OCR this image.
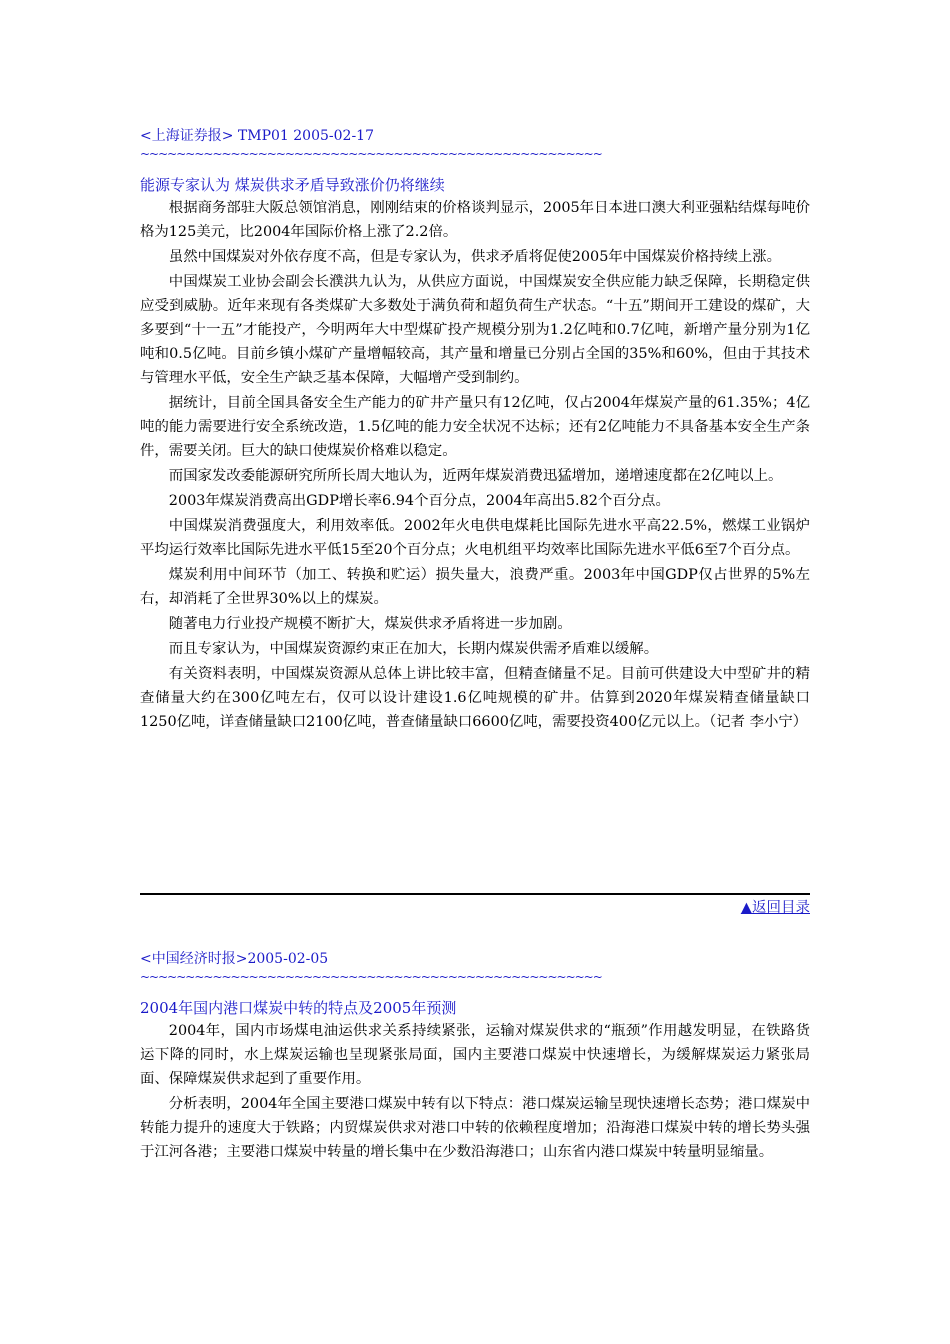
<上海证券报> TMP01 2005-02-17
~~~~~~~~~~~~~~~~~~~~~~~~~~~~~~~~~~~~~~~~~~~~~~~~~~~
能源专家认为 煤炭供求矛盾导致涨价仍将继续

根据商务部驻大阪总领馆消息，刚刚结束的价格谈判显示，2005年日本进口澳大利亚强粘结煤每吨价格为125美元，比2004年国际价格上涨了2.2倍。

虽然中国煤炭对外依存度不高，但是专家认为，供求矛盾将促使2005年中国煤炭价格持续上涨。

中国煤炭工业协会副会长濮洪九认为，从供应方面说，中国煤炭安全供应能力缺乏保障，长期稳定供应受到威胁。近年来现有各类煤矿大多数处于满负荷和超负荷生产状态。“十五”期间开工建设的煤矿，大多要到“十一五”才能投产，今明两年大中型煤矿投产规模分别为1.2亿吨和0.7亿吨，新增产量分别为1亿吨和0.5亿吨。目前乡镇小煤矿产量增幅较高，其产量和增量已分别占全国的35%和60%，但由于其技术与管理水平低，安全生产缺乏基本保障，大幅增产受到制约。

据统计，目前全国具备安全生产能力的矿井产量只有12亿吨，仅占2004年煤炭产量的61.35%；4亿吨的能力需要进行安全系统改造，1.5亿吨的能力安全状况不达标；还有2亿吨能力不具备基本安全生产条件，需要关闭。巨大的缺口使煤炭价格难以稳定。

而国家发改委能源研究所所长周大地认为，近两年煤炭消费迅猛增加，递增速度都在2亿吨以上。

2003年煤炭消费高出GDP增长率6.94个百分点，2004年高出5.82个百分点。

中国煤炭消费强度大，利用效率低。2002年火电供电煤耗比国际先进水平高22.5%，燃煤工业锅炉平均运行效率比国际先进水平低15至20个百分点；火电机组平均效率比国际先进水平低6至7个百分点。

煤炭利用中间环节（加工、转换和贮运）损失量大，浪费严重。2003年中国GDP仅占世界的5%左右，却消耗了全世界30%以上的煤炭。

随著电力行业投产规模不断扩大，煤炭供求矛盾将进一步加剧。

而且专家认为，中国煤炭资源约束正在加大，长期内煤炭供需矛盾难以缓解。

有关资料表明，中国煤炭资源从总体上讲比较丰富，但精查储量不足。目前可供建设大中型矿井的精查储量大约在300亿吨左右，仅可以设计建设1.6亿吨规模的矿井。估算到2020年煤炭精查储量缺口1250亿吨，详查储量缺口2100亿吨，普查储量缺口6600亿吨，需要投资400亿元以上。（记者 李小宁）

▲返回目录
<中国经济时报>2005-02-05
~~~~~~~~~~~~~~~~~~~~~~~~~~~~~~~~~~~~~~~~~~~~~~~~~~~
2004年国内港口煤炭中转的特点及2005年预测

2004年，国内市场煤电油运供求关系持续紧张，运输对煤炭供求的“瓶颈”作用越发明显，在铁路货运下降的同时，水上煤炭运输也呈现紧张局面，国内主要港口煤炭中快速增长，为缓解煤炭运力紧张局面、保障煤炭供求起到了重要作用。

分析表明，2004年全国主要港口煤炭中转有以下特点：港口煤炭运输呈现快速增长态势；港口煤炭中转能力提升的速度大于铁路；内贸煤炭供求对港口中转的依赖程度增加；沿海港口煤炭中转的增长势头强于江河各港；主要港口煤炭中转量的增长集中在少数沿海港口；山东省内港口煤炭中转量明显缩量。
